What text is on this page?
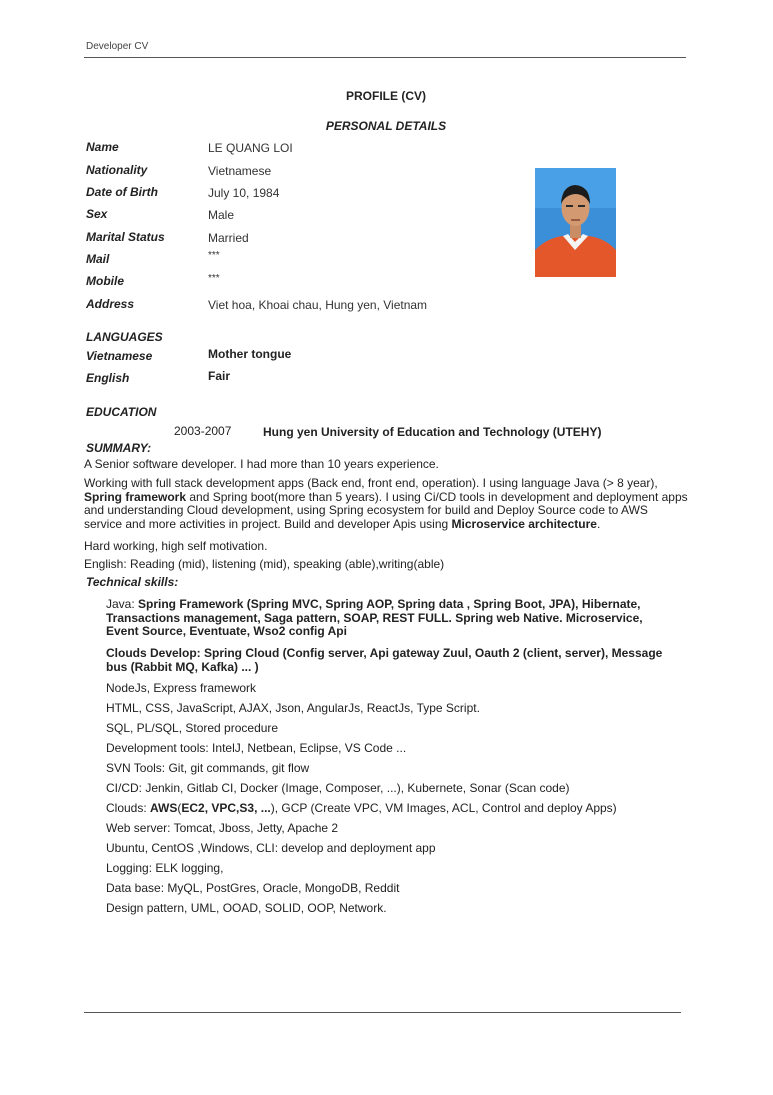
Developer CV
PROFILE (CV)
PERSONAL DETAILS
Name	LE QUANG LOI
Nationality	Vietnamese
Date of Birth	July 10, 1984
Sex	Male
Marital Status	Married
Mail	***
Mobile	***
Address	Viet hoa, Khoai chau, Hung yen, Vietnam
LANGUAGES
Vietnamese	Mother tongue
English	Fair
EDUCATION
2003-2007	Hung yen University of Education and Technology (UTEHY)
SUMMARY:
A Senior software developer. I had more than 10 years experience.
Working with full stack development apps (Back end, front end, operation). I using language Java (> 8 year), Spring framework and Spring boot(more than 5 years). I using Ci/CD tools in development and deployment apps and understanding Cloud development, using Spring ecosystem for build and Deploy Source code to AWS service and more activities in project. Build and developer Apis using Microservice architecture.
Hard working, high self motivation.
English: Reading (mid), listening (mid), speaking (able),writing(able)
Technical skills:
Java: Spring Framework (Spring MVC, Spring AOP, Spring data , Spring Boot, JPA), Hibernate, Transactions management, Saga pattern, SOAP, REST FULL. Spring web Native. Microservice, Event Source, Eventuate, Wso2 config Api
Clouds Develop: Spring Cloud (Config server, Api gateway Zuul, Oauth 2 (client, server), Message bus (Rabbit MQ, Kafka) ... )
NodeJs, Express framework
HTML, CSS, JavaScript, AJAX, Json, AngularJs, ReactJs, Type Script.
SQL, PL/SQL, Stored procedure
Development tools: IntelJ, Netbean, Eclipse, VS Code ...
SVN Tools: Git, git commands, git flow
CI/CD: Jenkin, Gitlab CI, Docker (Image, Composer, ...), Kubernete, Sonar (Scan code)
Clouds: AWS(EC2, VPC,S3, ...), GCP (Create VPC, VM Images, ACL, Control and deploy Apps)
Web server: Tomcat, Jboss, Jetty, Apache 2
Ubuntu, CentOS ,Windows, CLI: develop and deployment app
Logging: ELK logging,
Data base: MyQL, PostGres, Oracle, MongoDB, Reddit
Design pattern, UML, OOAD, SOLID, OOP, Network.
